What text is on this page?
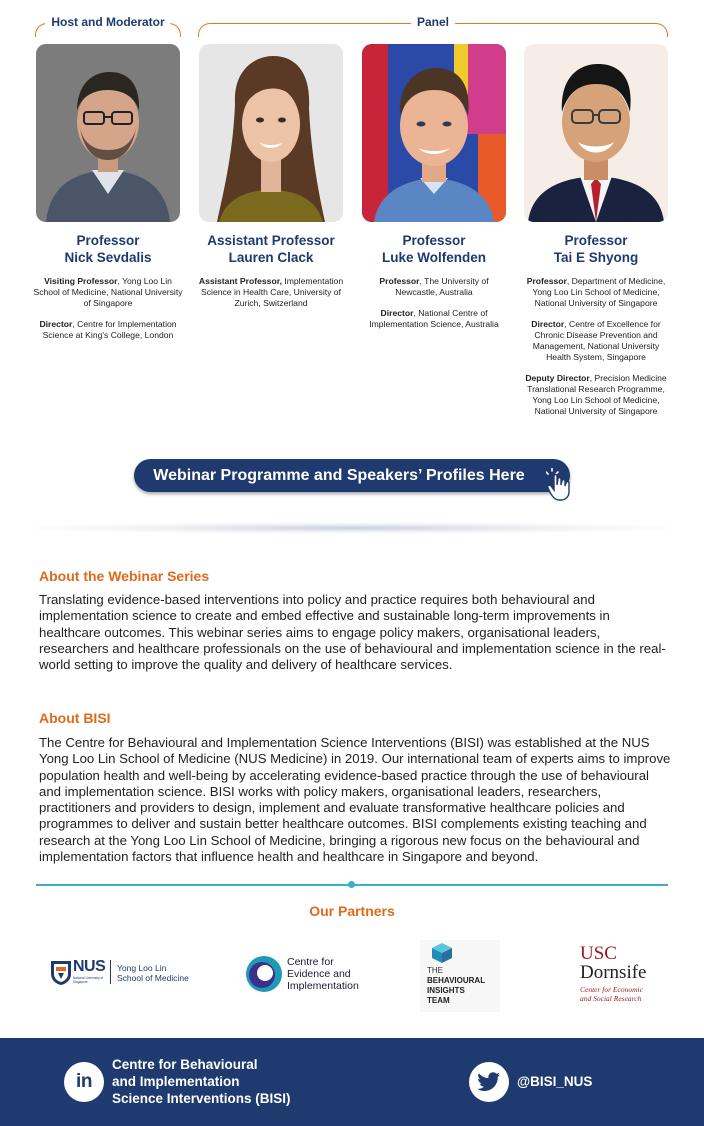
Host and Moderator	Panel
Professor
Nick Sevdalis
Visiting Professor, Yong Loo Lin School of Medicine, National University of Singapore
Director, Centre for Implementation Science at King's College, London
Assistant Professor
Lauren Clack
Assistant Professor, Implementation Science in Health Care, University of Zurich, Switzerland
Professor
Luke Wolfenden
Professor, The University of Newcastle, Australia
Director, National Centre of Implementation Science, Australia
Professor
Tai E Shyong
Professor, Department of Medicine, Yong Loo Lin School of Medicine, National University of Singapore
Director, Centre of Excellence for Chronic Disease Prevention and Management, National University Health System, Singapore
Deputy Director, Precision Medicine Translational Research Programme, Yong Loo Lin School of Medicine, National University of Singapore
Webinar Programme and Speakers’ Profiles Here
About the Webinar Series
Translating evidence-based interventions into policy and practice requires both behavioural and implementation science to create and embed effective and sustainable long-term improvements in healthcare outcomes. This webinar series aims to engage policy makers, organisational leaders, researchers and healthcare professionals on the use of behavioural and implementation science in the real-world setting to improve the quality and delivery of healthcare services.
About BISI
The Centre for Behavioural and Implementation Science Interventions (BISI) was established at the NUS Yong Loo Lin School of Medicine (NUS Medicine) in 2019. Our international team of experts aims to improve population health and well-being by accelerating evidence-based practice through the use of behavioural and implementation science. BISI works with policy makers, organisational leaders, researchers, practitioners and providers to design, implement and evaluate transformative healthcare policies and programmes to deliver and sustain better healthcare outcomes. BISI complements existing teaching and research at the Yong Loo Lin School of Medicine, bringing a rigorous new focus on the behavioural and implementation factors that influence health and healthcare in Singapore and beyond.
Our Partners
NUS
National University of Singapore
Yong Loo Lin
School of Medicine
Centre for
Evidence and
Implementation
THE
BEHAVIOURAL
INSIGHTS
TEAM
USC
Dornsife
Center for Economic
and Social Research
in
Centre for Behavioural
and Implementation
Science Interventions (BISI)
@BISI_NUS
